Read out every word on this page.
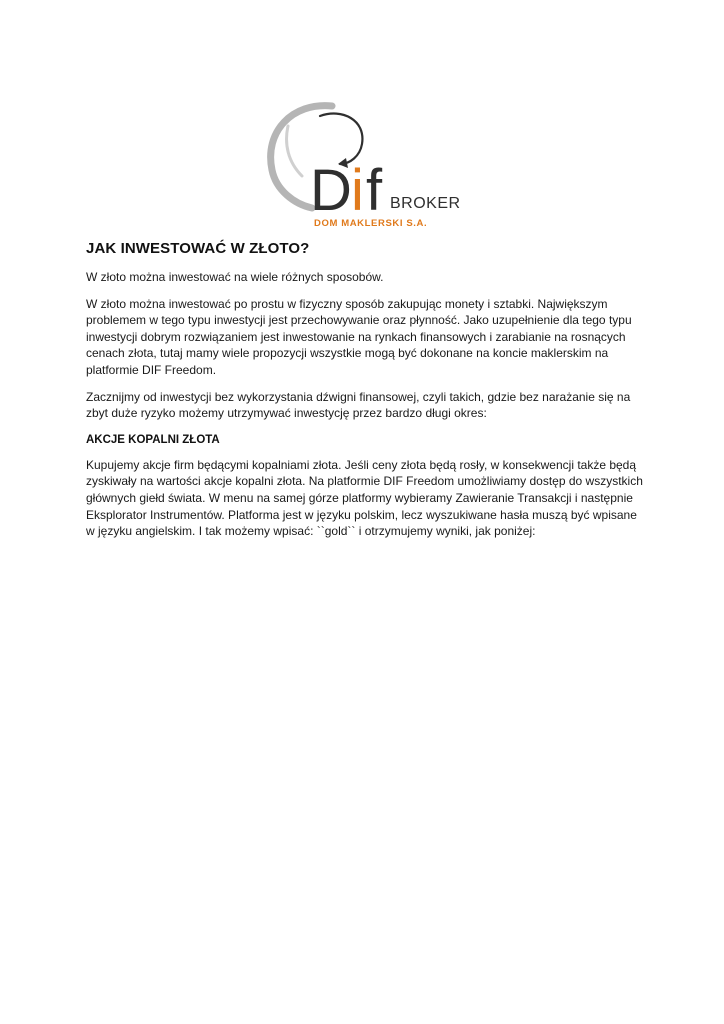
D i f BROKER
DOM MAKLERSKI S.A.
JAK INWESTOWAĆ W ZŁOTO?

W złoto można inwestować na wiele różnych sposobów.

W złoto można inwestować po prostu w fizyczny sposób zakupując monety i sztabki. Największym problemem w tego typu inwestycji jest przechowywanie oraz płynność. Jako uzupełnienie dla tego typu inwestycji dobrym rozwiązaniem jest inwestowanie na rynkach finansowych i zarabianie na rosnących cenach złota, tutaj mamy wiele propozycji wszystkie mogą być dokonane na koncie maklerskim na platformie DIF Freedom.

Zacznijmy od inwestycji bez wykorzystania dźwigni finansowej, czyli takich, gdzie bez narażanie się na zbyt duże ryzyko możemy utrzymywać inwestycję przez bardzo długi okres:

AKCJE KOPALNI ZŁOTA

Kupujemy akcje firm będącymi kopalniami złota. Jeśli ceny złota będą rosły, w konsekwencji także będą zyskiwały na wartości akcje kopalni złota. Na platformie DIF Freedom umożliwiamy dostęp do wszystkich głównych giełd świata. W menu na samej górze platformy wybieramy Zawieranie Transakcji i następnie Eksplorator Instrumentów. Platforma jest w języku polskim, lecz wyszukiwane hasła muszą być wpisane w języku angielskim. I tak możemy wpisać: ``gold`` i otrzymujemy wyniki, jak poniżej:
